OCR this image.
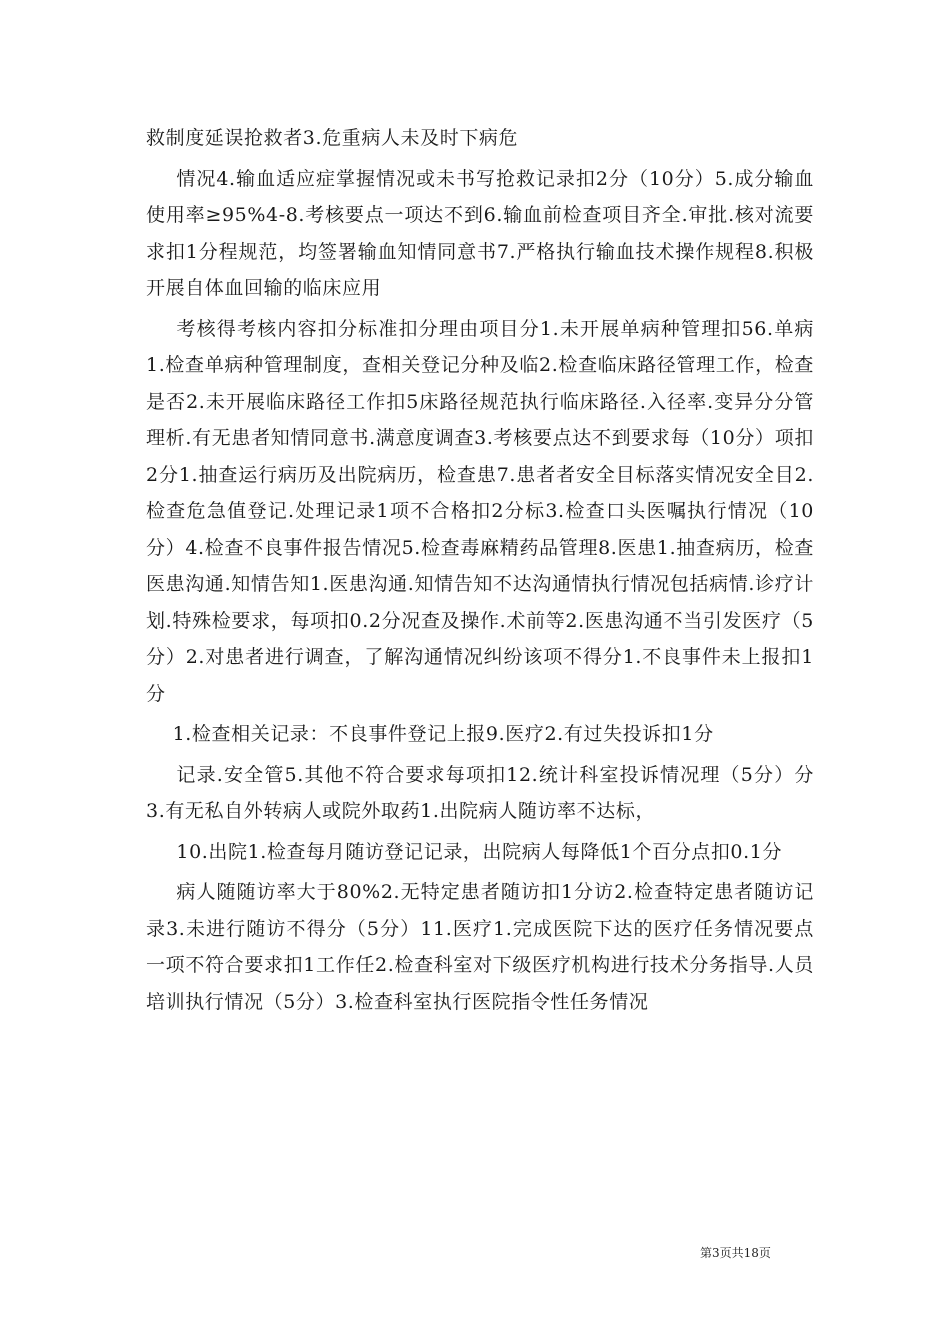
救制度延误抢救者3.危重病人未及时下病危

情况4.输血适应症掌握情况或未书写抢救记录扣2分（10分）5.成分输血使用率≥95%4-8.考核要点一项达不到6.输血前检查项目齐全.审批.核对流要求扣1分程规范，均签署输血知情同意书7.严格执行输血技术操作规程8.积极开展自体血回输的临床应用

考核得考核内容扣分标准扣分理由项目分1.未开展单病种管理扣56.单病1.检查单病种管理制度，查相关登记分种及临2.检查临床路径管理工作，检查是否2.未开展临床路径工作扣5床路径规范执行临床路径.入径率.变异分分管理析.有无患者知情同意书.满意度调查3.考核要点达不到要求每（10分）项扣2分1.抽查运行病历及出院病历，检查患7.患者者安全目标落实情况安全目2.检查危急值登记.处理记录1项不合格扣2分标3.检查口头医嘱执行情况（10分）4.检查不良事件报告情况5.检查毒麻精药品管理8.医患1.抽查病历，检查医患沟通.知情告知1.医患沟通.知情告知不达沟通情执行情况包括病情.诊疗计划.特殊检要求，每项扣0.2分况查及操作.术前等2.医患沟通不当引发医疗（5分）2.对患者进行调查，了解沟通情况纠纷该项不得分1.不良事件未上报扣1分

1.检查相关记录：不良事件登记上报9.医疗2.有过失投诉扣1分

记录.安全管5.其他不符合要求每项扣12.统计科室投诉情况理（5分）分3.有无私自外转病人或院外取药1.出院病人随访率不达标，

10.出院1.检查每月随访登记记录，出院病人每降低1个百分点扣0.1分

病人随随访率大于80%2.无特定患者随访扣1分访2.检查特定患者随访记录3.未进行随访不得分（5分）11.医疗1.完成医院下达的医疗任务情况要点一项不符合要求扣1工作任2.检查科室对下级医疗机构进行技术分务指导.人员培训执行情况（5分）3.检查科室执行医院指令性任务情况

第3页共18页
